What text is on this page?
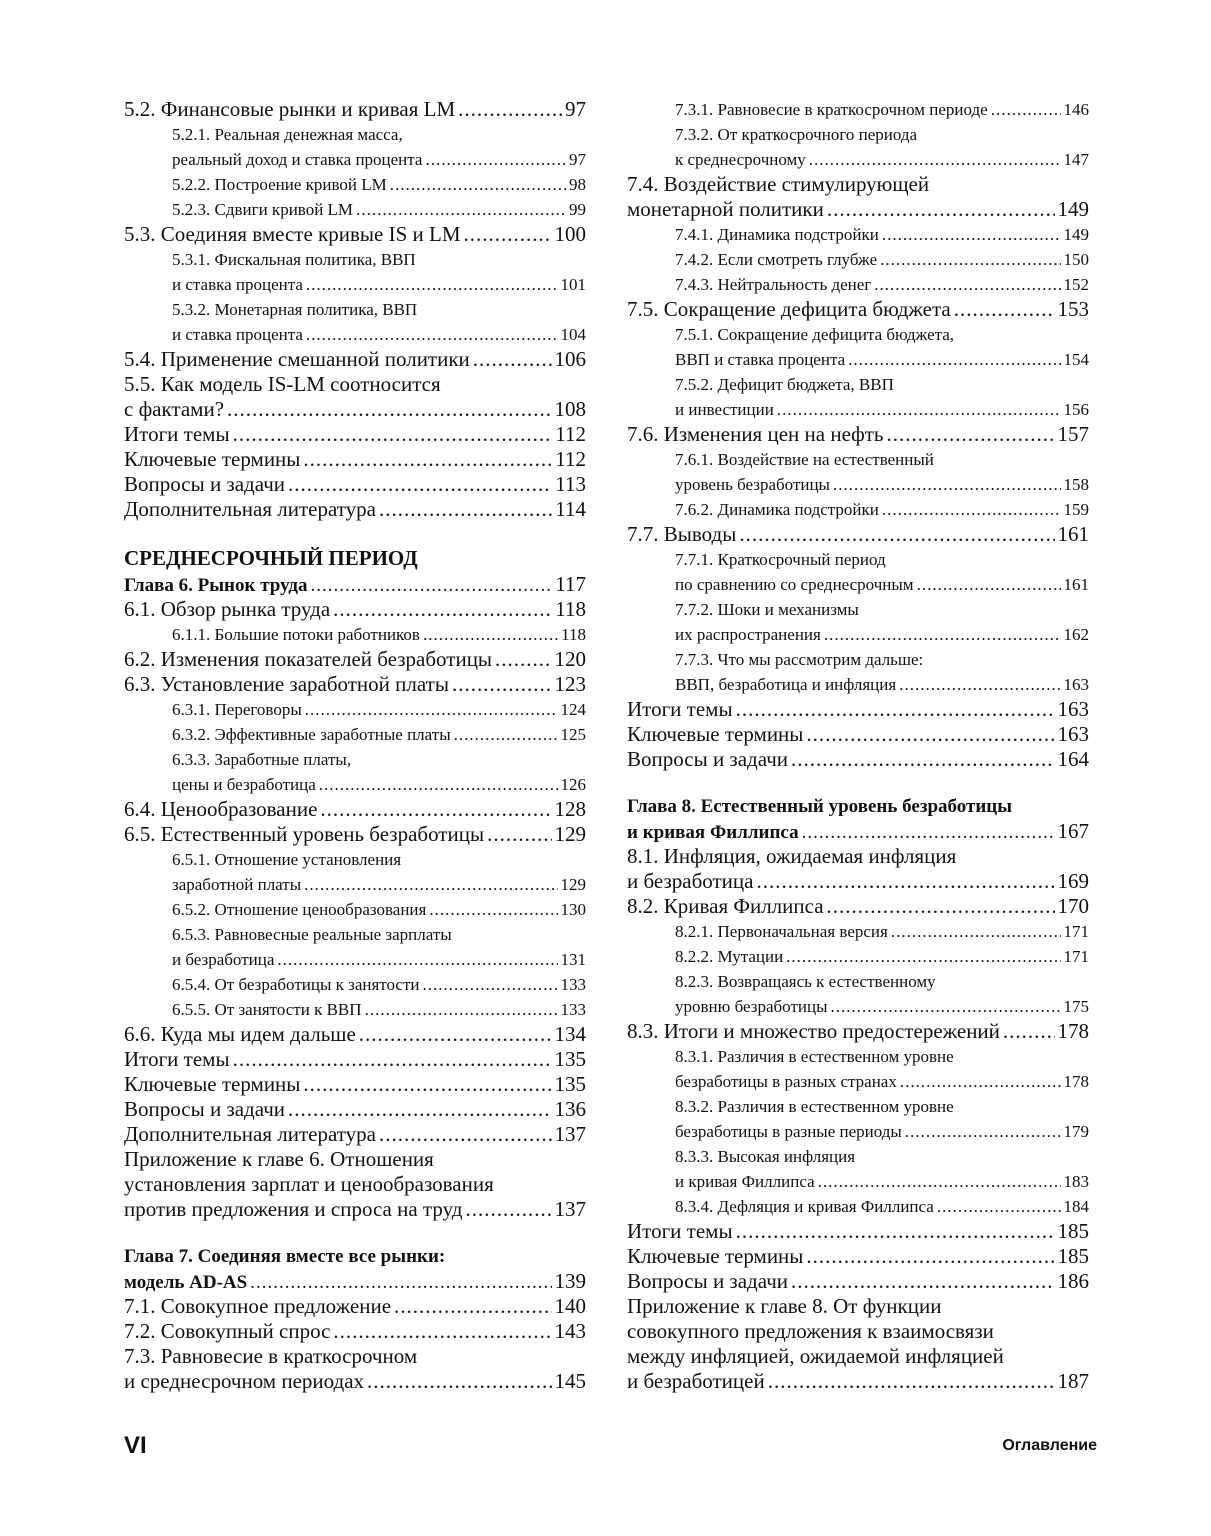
5.2. Финансовые рынки и кривая LM .....	97
5.2.1. Реальная денежная масса,
реальный доход и ставка процента .....	97
5.2.2. Построение кривой LM .....	98
5.2.3. Сдвиги кривой LM .....	99
5.3. Соединяя вместе кривые IS и LM .....	100
5.3.1. Фискальная политика, ВВП
и ставка процента .....	101
5.3.2. Монетарная политика, ВВП
и ставка процента .....	104
5.4. Применение смешанной политики .....	106
5.5. Как модель IS-LM соотносится
с фактами? .....	108
Итоги темы .....	112
Ключевые термины .....	112
Вопросы и задачи .....	113
Дополнительная литература .....	114
СРЕДНЕСРОЧНЫЙ ПЕРИОД
Глава 6. Рынок труда .....	117
6.1. Обзор рынка труда .....	118
6.1.1. Большие потоки работников .....	118
6.2. Изменения показателей безработицы .....	120
6.3. Установление заработной платы .....	123
6.3.1. Переговоры .....	124
6.3.2. Эффективные заработные платы .....	125
6.3.3. Заработные платы,
цены и безработица .....	126
6.4. Ценообразование .....	128
6.5. Естественный уровень безработицы .....	129
6.5.1. Отношение установления
заработной платы .....	129
6.5.2. Отношение ценообразования .....	130
6.5.3. Равновесные реальные зарплаты
и безработица .....	131
6.5.4. От безработицы к занятости .....	133
6.5.5. От занятости к ВВП .....	133
6.6. Куда мы идем дальше .....	134
Итоги темы .....	135
Ключевые термины .....	135
Вопросы и задачи .....	136
Дополнительная литература .....	137
Приложение к главе 6. Отношения
установления зарплат и ценообразования
против предложения и спроса на труд .....	137
Глава 7. Соединяя вместе все рынки:
модель AD-AS .....	139
7.1. Совокупное предложение .....	140
7.2. Совокупный спрос .....	143
7.3. Равновесие в краткосрочном
и среднесрочном периодах .....	145
7.3.1. Равновесие в краткосрочном периоде .....	146
7.3.2. От краткосрочного периода
к среднесрочному .....	147
7.4. Воздействие стимулирующей
монетарной политики .....	149
7.4.1. Динамика подстройки .....	149
7.4.2. Если смотреть глубже .....	150
7.4.3. Нейтральность денег .....	152
7.5. Сокращение дефицита бюджета .....	153
7.5.1. Сокращение дефицита бюджета,
ВВП и ставка процента .....	154
7.5.2. Дефицит бюджета, ВВП
и инвестиции .....	156
7.6. Изменения цен на нефть .....	157
7.6.1. Воздействие на естественный
уровень безработицы .....	158
7.6.2. Динамика подстройки .....	159
7.7. Выводы .....	161
7.7.1. Краткосрочный период
по сравнению со среднесрочным .....	161
7.7.2. Шоки и механизмы
их распространения .....	162
7.7.3. Что мы рассмотрим дальше:
ВВП, безработица и инфляция .....	163
Итоги темы .....	163
Ключевые термины .....	163
Вопросы и задачи .....	164
Глава 8. Естественный уровень безработицы
и кривая Филлипса .....	167
8.1. Инфляция, ожидаемая инфляция
и безработица .....	169
8.2. Кривая Филлипса .....	170
8.2.1. Первоначальная версия .....	171
8.2.2. Мутации .....	171
8.2.3. Возвращаясь к естественному
уровню безработицы .....	175
8.3. Итоги и множество предостережений .....	178
8.3.1. Различия в естественном уровне
безработицы в разных странах .....	178
8.3.2. Различия в естественном уровне
безработицы в разные периоды .....	179
8.3.3. Высокая инфляция
и кривая Филлипса .....	183
8.3.4. Дефляция и кривая Филлипса .....	184
Итоги темы .....	185
Ключевые термины .....	185
Вопросы и задачи .....	186
Приложение к главе 8. От функции
совокупного предложения к взаимосвязи
между инфляцией, ожидаемой инфляцией
и безработицей .....	187
VI	Оглавление
